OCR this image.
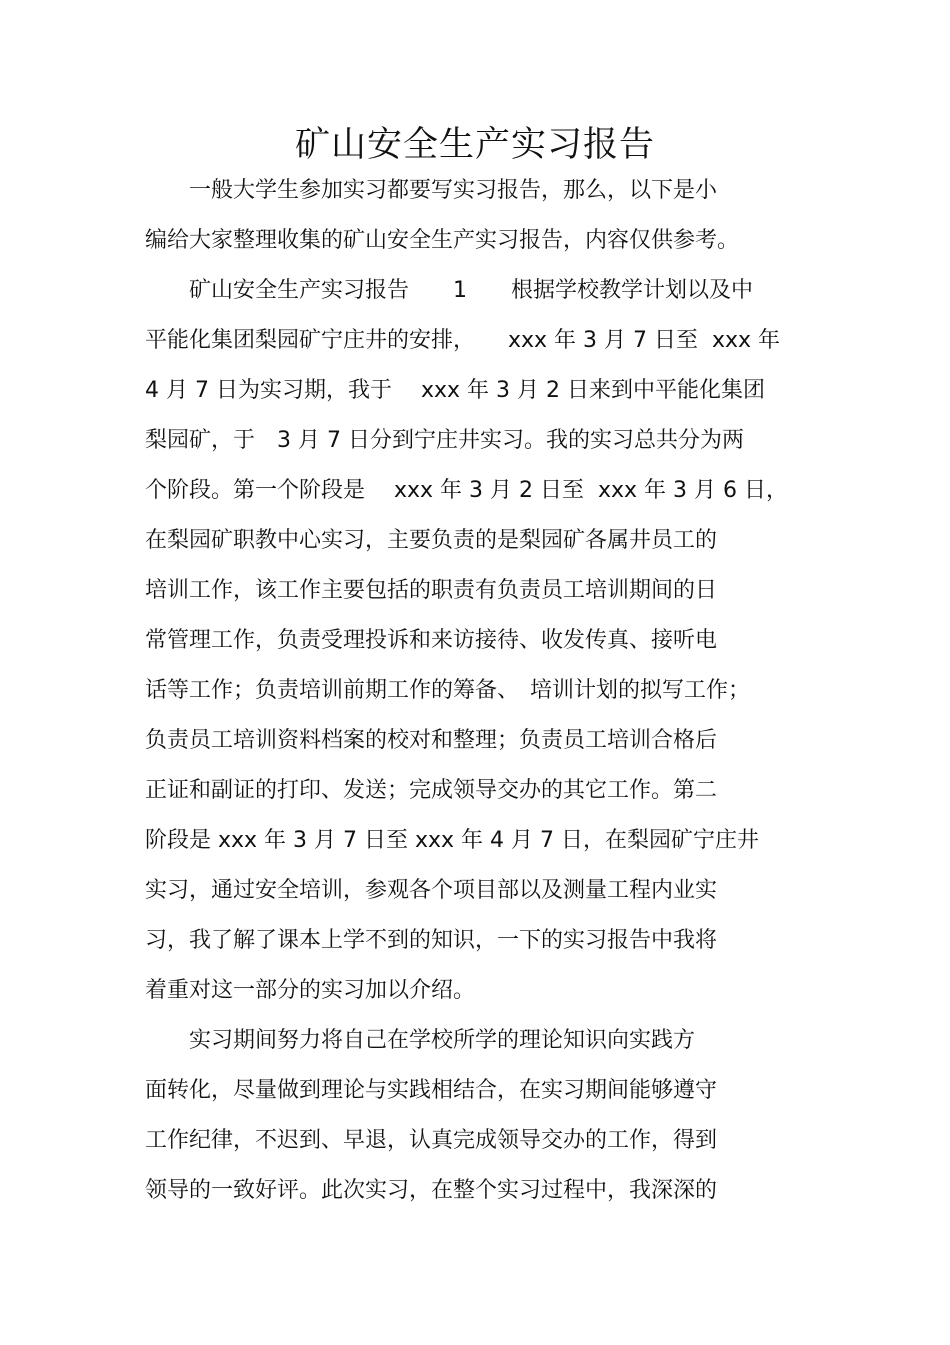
矿山安全生产实习报告
　　一般大学生参加实习都要写实习报告，那么，以下是小
编给大家整理收集的矿山安全生产实习报告，内容仅供参考。
　　矿山安全生产实习报告　　1　　根据学校教学计划以及中
平能化集团梨园矿宁庄井的安排，　　xxx 年 3 月 7 日至  xxx 年
4 月 7 日为实习期，我于　 xxx 年 3 月 2 日来到中平能化集团
梨园矿，于　3 月 7 日分到宁庄井实习。我的实习总共分为两
个阶段。第一个阶段是　 xxx 年 3 月 2 日至  xxx 年 3 月 6 日，
在梨园矿职教中心实习，主要负责的是梨园矿各属井员工的
培训工作，该工作主要包括的职责有负责员工培训期间的日
常管理工作，负责受理投诉和来访接待、收发传真、接听电
话等工作；负责培训前期工作的筹备、　培训计划的拟写工作；
负责员工培训资料档案的校对和整理；负责员工培训合格后
正证和副证的打印、发送；完成领导交办的其它工作。第二
阶段是 xxx 年 3 月 7 日至 xxx 年 4 月 7 日，在梨园矿宁庄井
实习，通过安全培训，参观各个项目部以及测量工程内业实
习，我了解了课本上学不到的知识，一下的实习报告中我将
着重对这一部分的实习加以介绍。
　　实习期间努力将自己在学校所学的理论知识向实践方
面转化，尽量做到理论与实践相结合，在实习期间能够遵守
工作纪律，不迟到、早退，认真完成领导交办的工作，得到
领导的一致好评。此次实习，在整个实习过程中，我深深的
